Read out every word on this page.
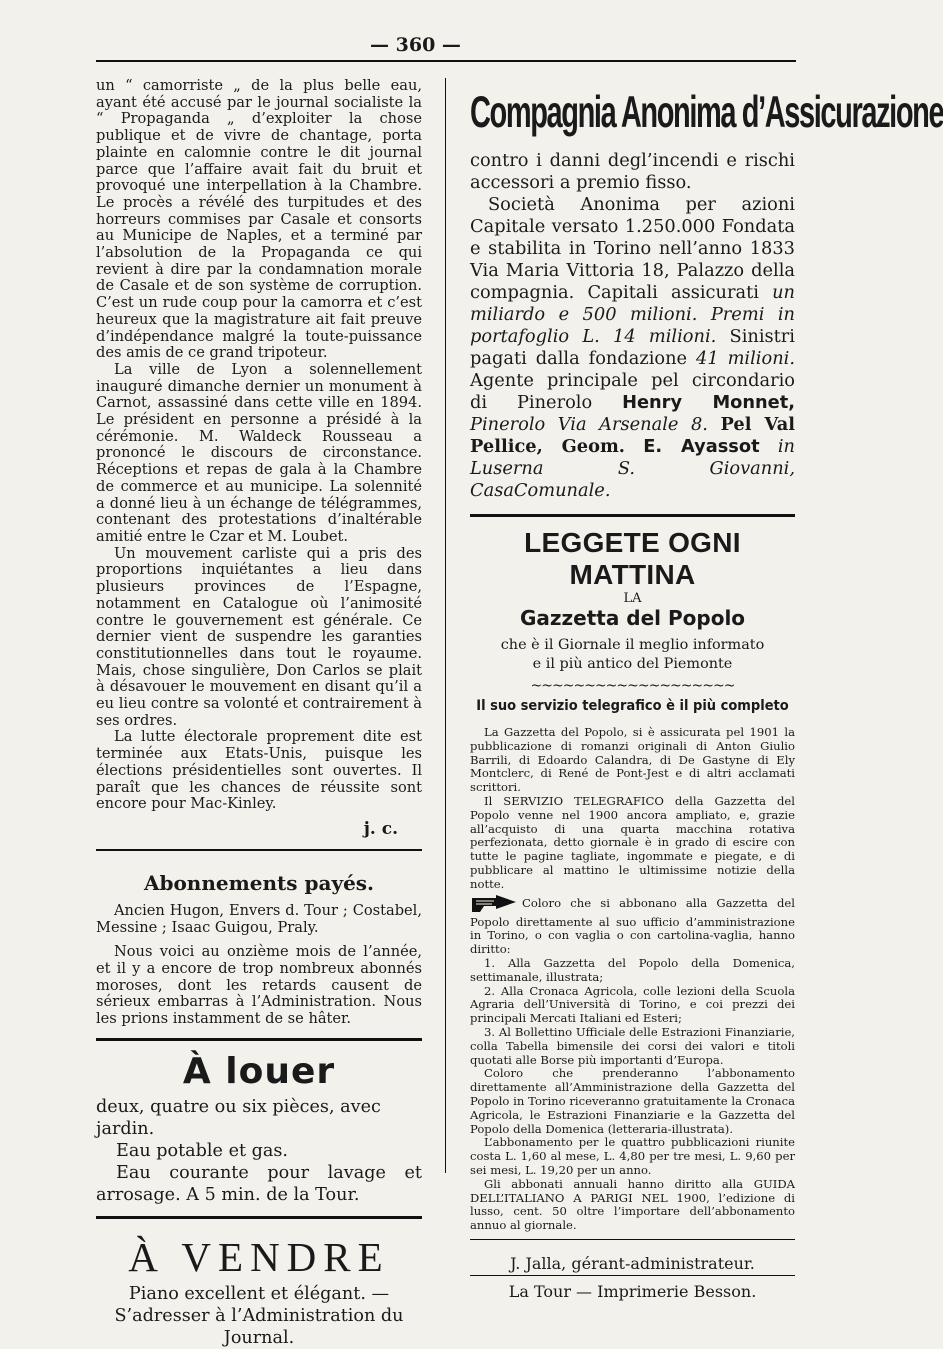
— 360 —

un “ camorriste „ de la plus belle eau, ayant été accusé par le journal socialiste la “ Propaganda „ d’exploiter la chose publique et de vivre de chantage, porta plainte en calomnie contre le dit journal parce que l’affaire avait fait du bruit et provoqué une interpellation à la Chambre. Le procès a révélé des turpitudes et des horreurs commises par Casale et consorts au Municipe de Naples, et a terminé par l’absolution de la Propaganda ce qui revient à dire par la condamnation morale de Casale et de son système de corruption. C’est un rude coup pour la camorra et c’est heureux que la magistrature ait fait preuve d’indépendance malgré la toute-puissance des amis de ce grand tripoteur.

La ville de Lyon a solennellement inauguré dimanche dernier un monument à Carnot, assassiné dans cette ville en 1894. Le président en personne a présidé à la cérémonie. M. Waldeck Rousseau a prononcé le discours de circonstance. Réceptions et repas de gala à la Chambre de commerce et au municipe. La solennité a donné lieu à un échange de télégrammes, contenant des protestations d’inaltérable amitié entre le Czar et M. Loubet.

Un mouvement carliste qui a pris des proportions inquiétantes a lieu dans plusieurs provinces de l’Espagne, notamment en Catalogue où l’animosité contre le gouvernement est générale. Ce dernier vient de suspendre les garanties constitutionnelles dans tout le royaume. Mais, chose singulière, Don Carlos se plait à désavouer le mouvement en disant qu’il a eu lieu contre sa volonté et contrairement à ses ordres.

La lutte électorale proprement dite est terminée aux Etats-Unis, puisque les élections présidentielles sont ouvertes. Il paraît que les chances de réussite sont encore pour Mac-Kinley.

j. c.
Abonnements payés.

Ancien Hugon, Envers d. Tour ; Costabel, Messine ; Isaac Guigou, Praly.

Nous voici au onzième mois de l’année, et il y a encore de trop nombreux abonnés moroses, dont les retards causent de sérieux embarras à l’Administration. Nous les prions instamment de se hâter.

À louer

deux, quatre ou six pièces, avec jardin.

Eau potable et gas.

Eau courante pour lavage et arrosage. A 5 min. de la Tour.

À VENDRE

Piano excellent et élégant. — S’adresser à l’Administration du Journal.

Compagnia Anonima d’Assicurazione

contro i danni degl’incendi e rischi accessori a premio fisso.

Società Anonima per azioni Capitale versato 1.250.000 Fondata e stabilita in Torino nell’anno 1833 Via Maria Vittoria 18, Palazzo della compagnia. Capitali assicurati un miliardo e 500 milioni. Premi in portafoglio L. 14 milioni. Sinistri pagati dalla fondazione 41 milioni. Agente principale pel circondario di Pinerolo Henry Monnet, Pinerolo Via Arsenale 8. Pel Val Pellice, Geom. E. Ayassot in Luserna S. Giovanni, CasaComunale.

LEGGETE OGNI MATTINA
LA
Gazzetta del Popolo

che è il Giornale il meglio informato

e il più antico del Piemonte

~~~~~~~~~~~~~~~~~~~
Il suo servizio telegrafico è il più completo

La Gazzetta del Popolo, si è assicurata pel 1901 la pubblicazione di romanzi originali di Anton Giulio Barrili, di Edoardo Calandra, di De Gastyne di Ely Montclerc, di René de Pont-Jest e di altri acclamati scrittori.

Il SERVIZIO TELEGRAFICO della Gazzetta del Popolo venne nel 1900 ancora ampliato, e, grazie all’acquisto di una quarta macchina rotativa perfezionata, detto giornale è in grado di escire con tutte le pagine tagliate, ingommate e piegate, e di pubblicare al mattino le ultimissime notizie della notte.

Coloro che si abbonano alla Gazzetta del Popolo direttamente al suo ufficio d’amministrazione in Torino, o con vaglia o con cartolina-vaglia, hanno diritto:

1. Alla Gazzetta del Popolo della Domenica, settimanale, illustrata;

2. Alla Cronaca Agricola, colle lezioni della Scuola Agraria dell’Università di Torino, e coi prezzi dei principali Mercati Italiani ed Esteri;

3. Al Bollettino Ufficiale delle Estrazioni Finanziarie, colla Tabella bimensile dei corsi dei valori e titoli quotati alle Borse più importanti d’Europa.

Coloro che prenderanno l’abbonamento direttamente all’Amministrazione della Gazzetta del Popolo in Torino riceveranno gratuitamente la Cronaca Agricola, le Estrazioni Finanziarie e la Gazzetta del Popolo della Domenica (letteraria-illustrata).

L’abbonamento per le quattro pubblicazioni riunite costa L. 1,60 al mese, L. 4,80 per tre mesi, L. 9,60 per sei mesi, L. 19,20 per un anno.

Gli abbonati annuali hanno diritto alla GUIDA DELL’ITALIANO A PARIGI NEL 1900, l’edizione di lusso, cent. 50 oltre l’importare dell’abbonamento annuo al giornale.

J. Jalla, gérant-administrateur.
La Tour — Imprimerie Besson.
